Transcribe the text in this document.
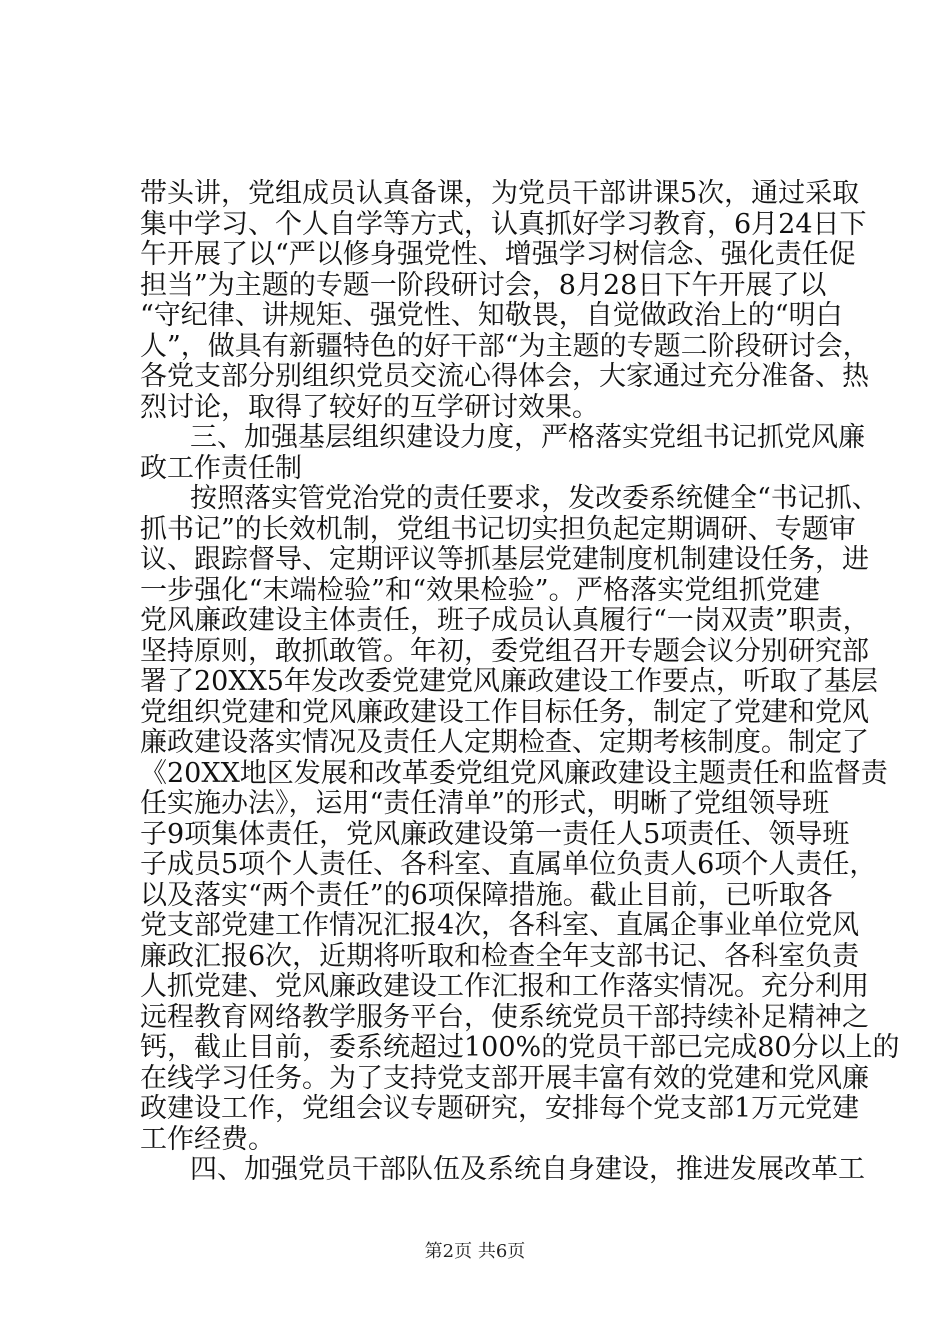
带头讲，党组成员认真备课，为党员干部讲课5次，通过采取
集中学习、个人自学等方式，认真抓好学习教育，6月24日下
午开展了以“严以修身强党性、增强学习树信念、强化责任促
担当”为主题的专题一阶段研讨会，8月28日下午开展了以
“守纪律、讲规矩、强党性、知敬畏，自觉做政治上的“明白
人”，做具有新疆特色的好干部“为主题的专题二阶段研讨会，
各党支部分别组织党员交流心得体会，大家通过充分准备、热
烈讨论，取得了较好的互学研讨效果。
三、加强基层组织建设力度，严格落实党组书记抓党风廉
政工作责任制
按照落实管党治党的责任要求，发改委系统健全“书记抓、
抓书记”的长效机制，党组书记切实担负起定期调研、专题审
议、跟踪督导、定期评议等抓基层党建制度机制建设任务，进
一步强化“末端检验”和“效果检验”。严格落实党组抓党建
党风廉政建设主体责任，班子成员认真履行“一岗双责”职责，
坚持原则，敢抓敢管。年初，委党组召开专题会议分别研究部
署了20XX5年发改委党建党风廉政建设工作要点，听取了基层
党组织党建和党风廉政建设工作目标任务，制定了党建和党风
廉政建设落实情况及责任人定期检查、定期考核制度。制定了
《20XX地区发展和改革委党组党风廉政建设主题责任和监督责
任实施办法》，运用“责任清单”的形式，明晰了党组领导班
子9项集体责任，党风廉政建设第一责任人5项责任、领导班
子成员5项个人责任、各科室、直属单位负责人6项个人责任，
以及落实“两个责任”的6项保障措施。截止目前，已听取各
党支部党建工作情况汇报4次，各科室、直属企事业单位党风
廉政汇报6次，近期将听取和检查全年支部书记、各科室负责
人抓党建、党风廉政建设工作汇报和工作落实情况。充分利用
远程教育网络教学服务平台，使系统党员干部持续补足精神之
钙，截止目前，委系统超过100%的党员干部已完成80分以上的
在线学习任务。为了支持党支部开展丰富有效的党建和党风廉
政建设工作，党组会议专题研究，安排每个党支部1万元党建
工作经费。
四、加强党员干部队伍及系统自身建设，推进发展改革工
第2页 共6页
